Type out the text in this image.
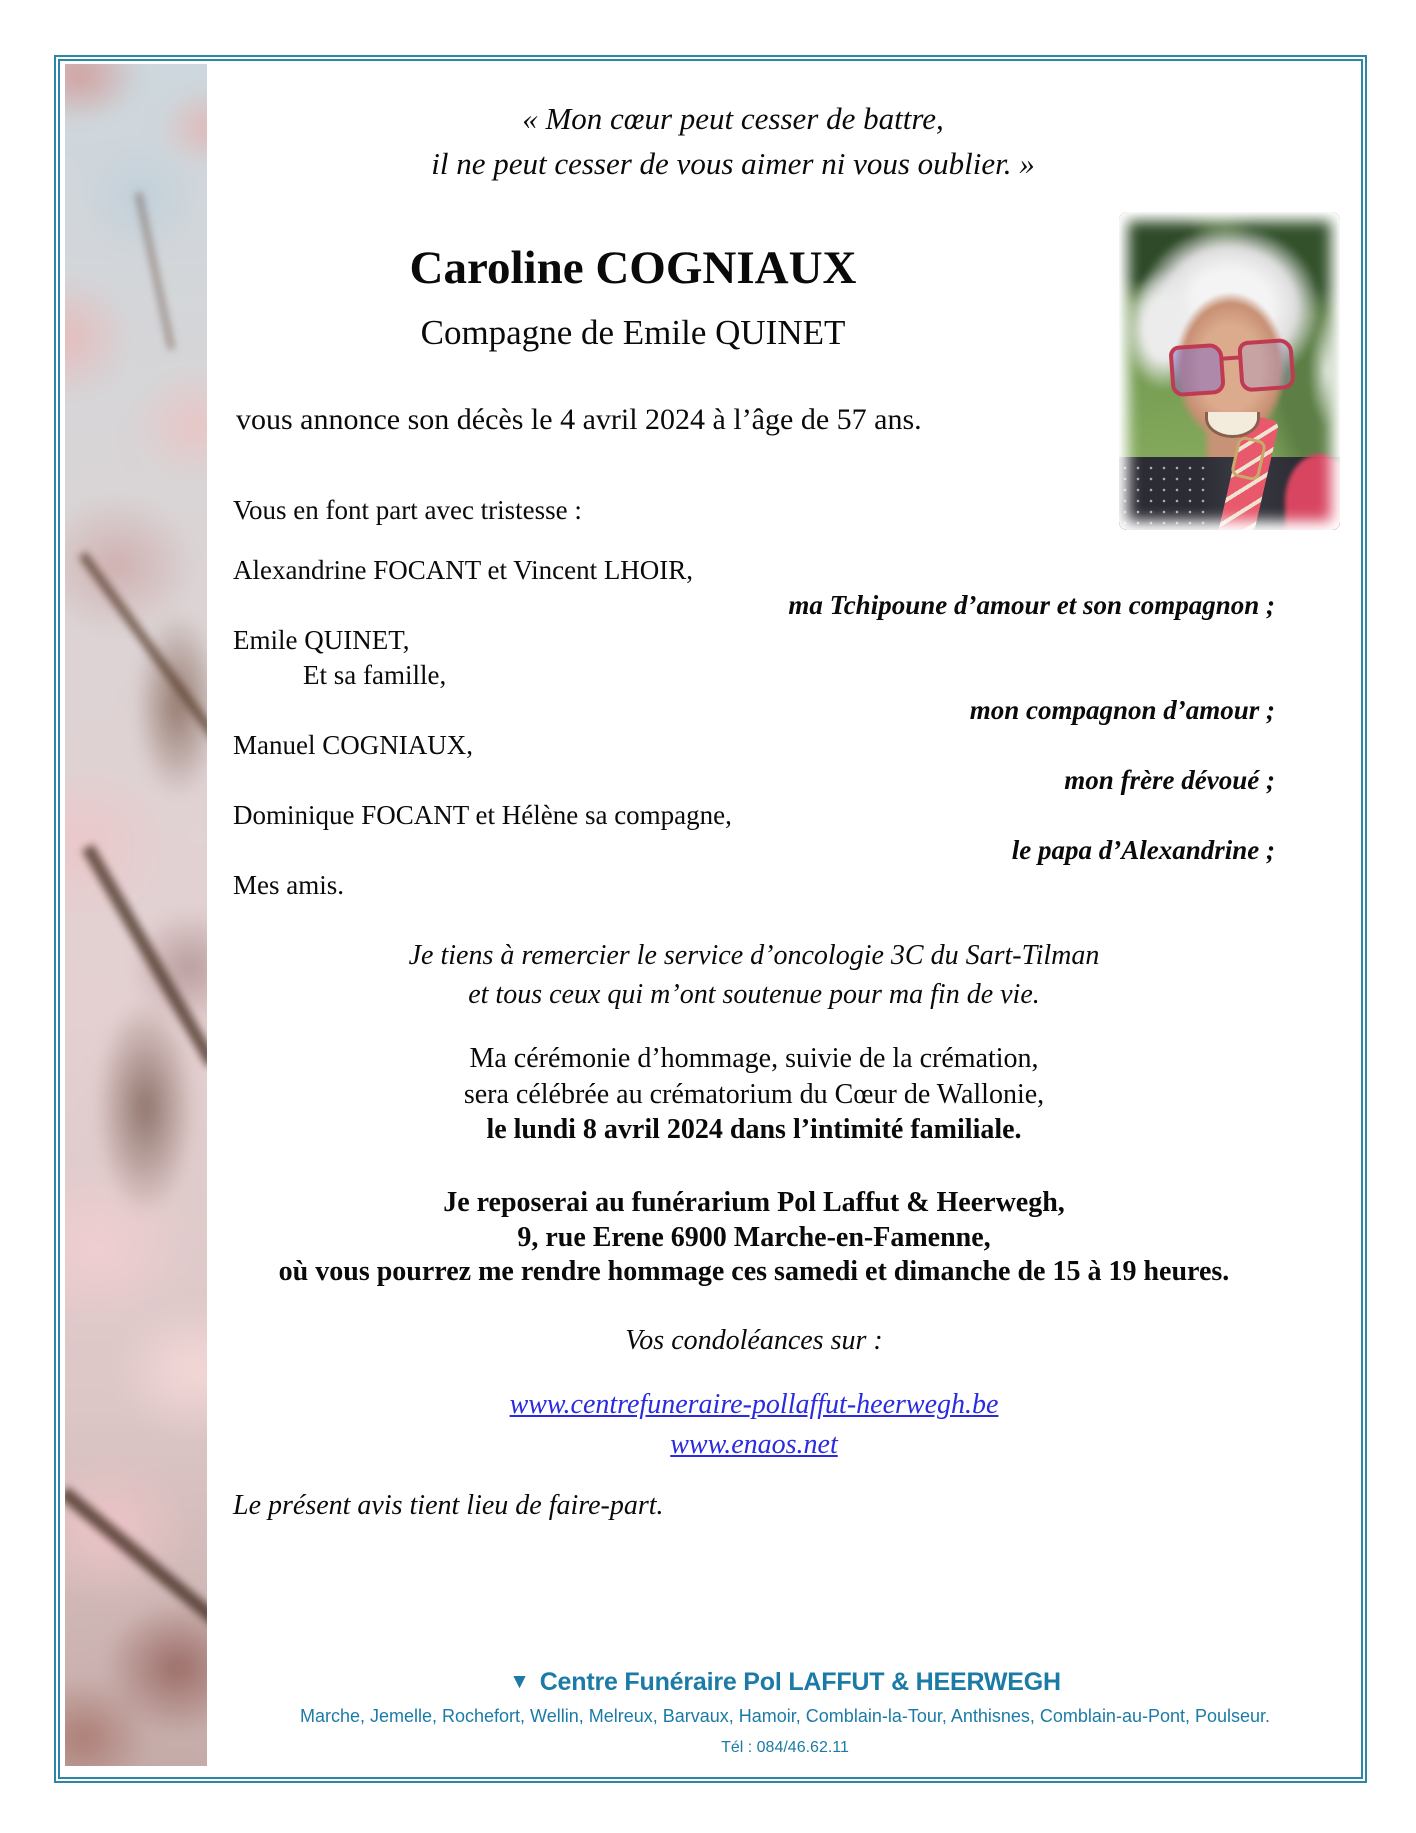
« Mon cœur peut cesser de battre,
il ne peut cesser de vous aimer ni vous oublier. »
Caroline COGNIAUX
Compagne de Emile QUINET
vous annonce son décès le 4 avril 2024 à l’âge de 57 ans.
Vous en font part avec tristesse :
Alexandrine FOCANT et Vincent LHOIR,
ma Tchipoune d’amour et son compagnon ;
Emile QUINET,
Et sa famille,
mon compagnon d’amour ;
Manuel COGNIAUX,
mon frère dévoué ;
Dominique FOCANT et Hélène sa compagne,
le papa d’Alexandrine ;
Mes amis.
Je tiens à remercier le service d’oncologie 3C du Sart-Tilman
et tous ceux qui m’ont soutenue pour ma fin de vie.
Ma cérémonie d’hommage, suivie de la crémation,
sera célébrée au crématorium du Cœur de Wallonie,
le lundi 8 avril 2024 dans l’intimité familiale.
Je reposerai au funérarium Pol Laffut & Heerwegh,
9, rue Erene 6900 Marche-en-Famenne,
où vous pourrez me rendre hommage ces samedi et dimanche de 15 à 19 heures.
Vos condoléances sur :
www.centrefuneraire-pollaffut-heerwegh.be
www.enaos.net
Le présent avis tient lieu de faire-part.
▼ Centre Funéraire Pol LAFFUT & HEERWEGH
Marche, Jemelle, Rochefort, Wellin, Melreux, Barvaux, Hamoir, Comblain-la-Tour, Anthisnes, Comblain-au-Pont, Poulseur.
Tél : 084/46.62.11
